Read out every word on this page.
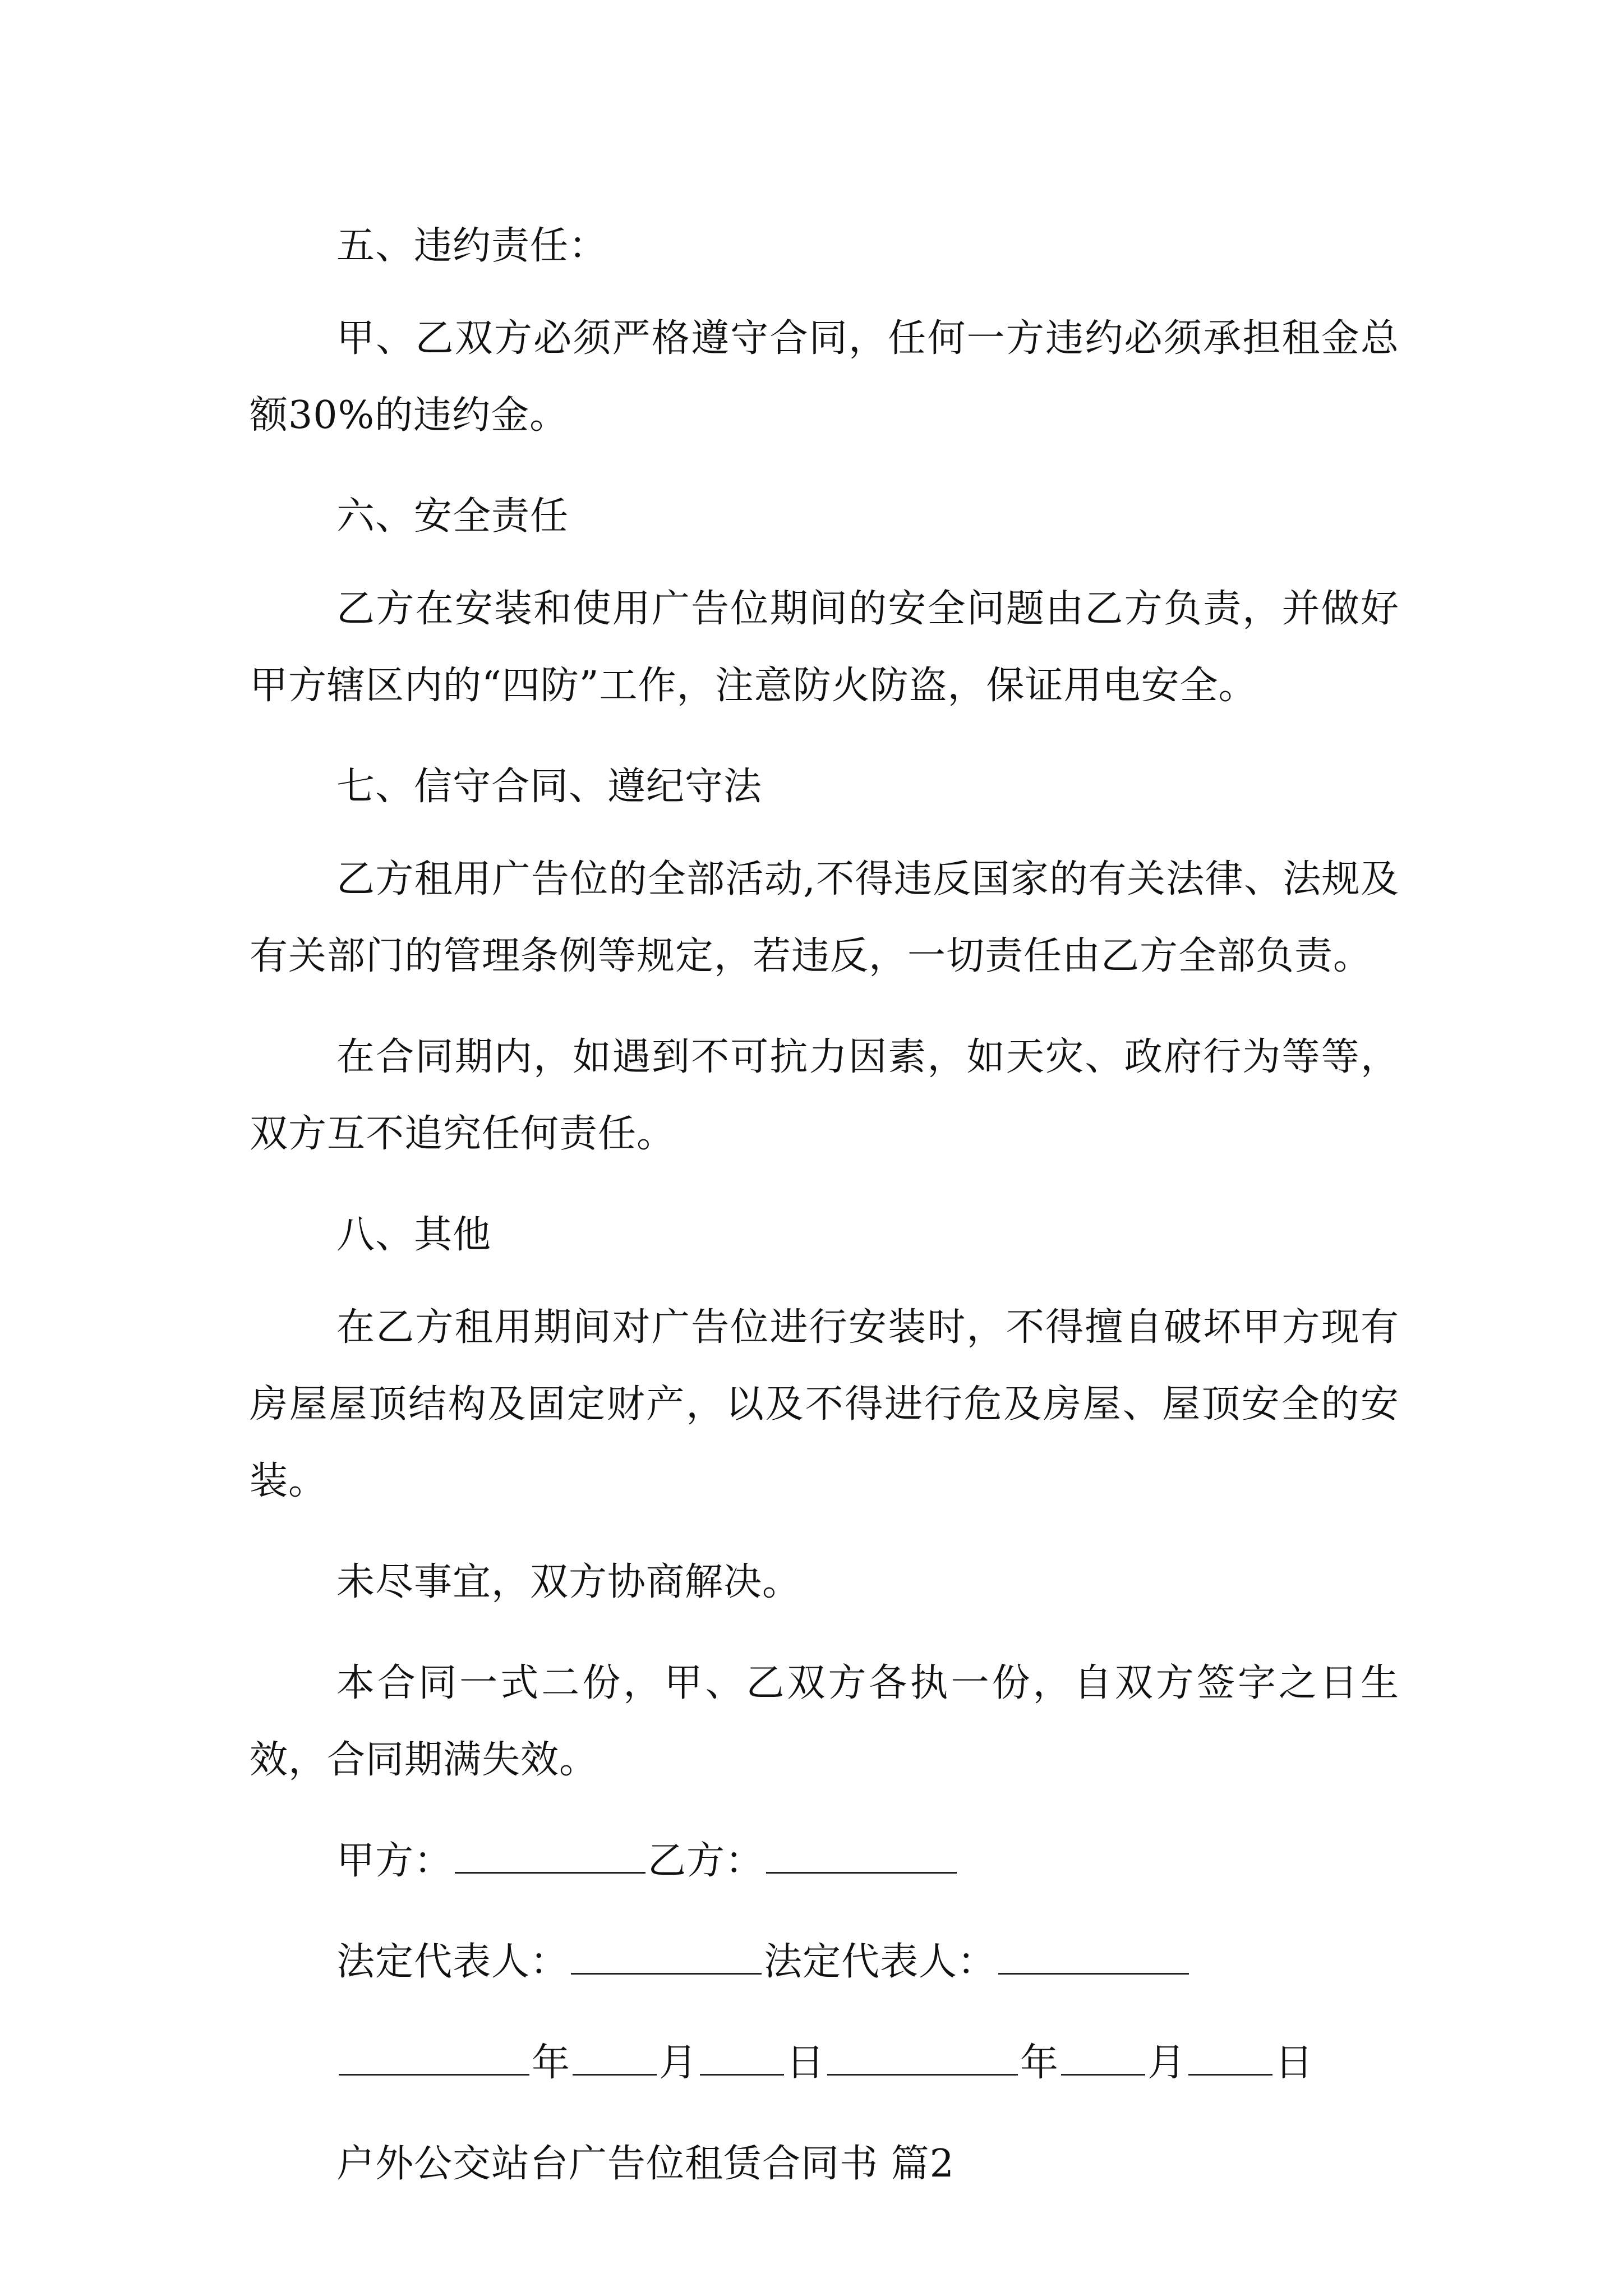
五、违约责任：

甲、乙双方必须严格遵守合同，任何一方违约必须承担租金总额30%的违约金。

六、安全责任

乙方在安装和使用广告位期间的安全问题由乙方负责，并做好甲方辖区内的“四防”工作，注意防火防盗，保证用电安全。

七、信守合同、遵纪守法

乙方租用广告位的全部活动,不得违反国家的有关法律、法规及有关部门的管理条例等规定，若违反，一切责任由乙方全部负责。

在合同期内，如遇到不可抗力因素，如天灾、政府行为等等，双方互不追究任何责任。

八、其他

在乙方租用期间对广告位进行安装时，不得擅自破坏甲方现有房屋屋顶结构及固定财产，以及不得进行危及房屋、屋顶安全的安装。

未尽事宜，双方协商解决。

本合同一式二份，甲、乙双方各执一份，自双方签字之日生效，合同期满失效。

甲方：	乙方：

法定代表人：	法定代表人：

年 月 日	年 月 日

户外公交站台广告位租赁合同书 篇2
